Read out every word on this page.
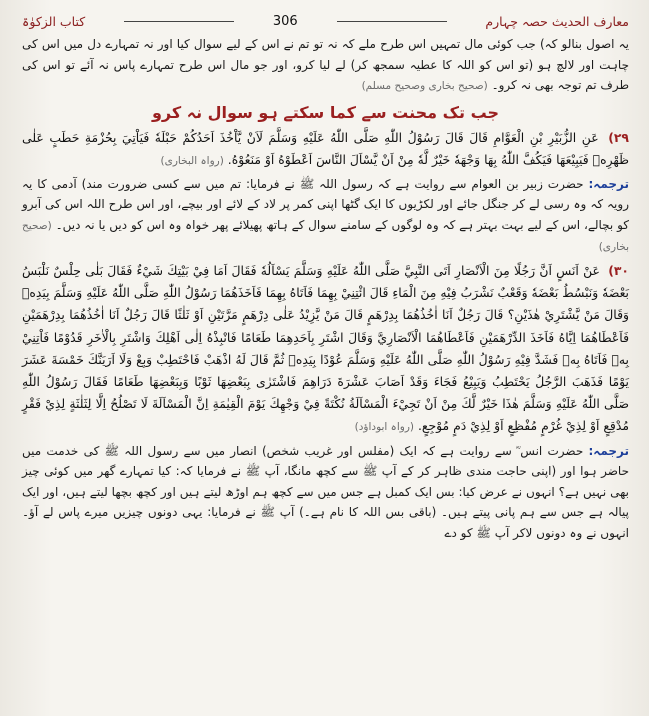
معارف الحدیث حصہ چہارم
306
کتاب الزکوٰۃ

یہ اصول بنالو کہ) جب کوئی مال تمہیں اس طرح ملے کہ نہ تو تم نے اس کے لیے سوال کیا اور نہ تمہارے دل میں اس کی چاہت اور لالچ ہو (تو اس کو اللہ کا عطیہ سمجھ کر) لے لیا کرو، اور جو مال اس طرح تمہارے پاس نہ آئے تو اس کی طرف تم توجہ بھی نہ کرو۔ (صحیح بخاری وصحیح مسلم)

جب تک محنت سے کما سکتے ہو سوال نہ کرو

۲۹) عَنِ الزُّبَيْرِ بْنِ الْعَوَّامِ قَالَ قَالَ رَسُوْلُ اللّٰهِ صَلَّى اللّٰهُ عَلَيْهِ وَسَلَّمَ لَاَنْ يَّاْخُذَ اَحَدُكُمْ حَبْلَهٗ فَيَاْتِيَ بِحُزْمَةِ حَطَبٍ عَلٰى ظَهْرِهٖ فَيَبِيْعَهَا فَيَكُفَّ اللّٰهُ بِهَا وَجْهَهٗ خَيْرٌ لَّهٗ مِنْ اَنْ يَّسْاَلَ النَّاسَ اَعْطَوْهُ اَوْ مَنَعُوْهُ. (رواہ البخاری)

ترجمہ: حضرت زبیر بن العوام سے روایت ہے کہ رسول اللہ ﷺ نے فرمایا: تم میں سے کسی ضرورت مند) آدمی کا یہ رویہ کہ وہ رسی لے کر جنگل جائے اور لکڑیوں کا ایک گٹھا اپنی کمر پر لاد کے لائے اور بیچے، اور اس طرح اللہ اس کی آبرو کو بچالے، اس کے لیے بہت بہتر ہے کہ وہ لوگوں کے سامنے سوال کے ہاتھ پھیلائے پھر خواہ وہ اس کو دیں یا نہ دیں۔ (صحیح بخاری)

۳۰) عَنْ اَنَسٍ اَنَّ رَجُلًا مِنَ الْاَنْصَارِ اَتَى النَّبِيَّ صَلَّى اللّٰهُ عَلَيْهِ وَسَلَّمَ يَسْاَلُهٗ فَقَالَ اَمَا فِيْ بَيْتِكَ شَيْءٌ فَقَالَ بَلٰى حِلْسٌ نَلْبَسُ بَعْضَهٗ وَنَبْسُطُ بَعْضَهٗ وَقَعْبٌ نَشْرَبُ فِيْهِ مِنَ الْمَاءِ قَالَ ائْتِنِيْ بِهِمَا فَاَتَاهُ بِهِمَا فَاَخَذَهُمَا رَسُوْلُ اللّٰهِ صَلَّى اللّٰهُ عَلَيْهِ وَسَلَّمَ بِيَدِهٖ وَقَالَ مَنْ يَّشْتَرِيْ هٰذَيْنِ؟ قَالَ رَجُلٌ اَنَا اٰخُذُهُمَا بِدِرْهَمٍ قَالَ مَنْ يَّزِيْدُ عَلٰى دِرْهَمٍ مَرَّتَيْنِ اَوْ ثَلٰثًا قَالَ رَجُلٌ اَنَا اٰخُذُهُمَا بِدِرْهَمَيْنِ فَاَعْطَاهُمَا اِيَّاهُ فَاَخَذَ الدِّرْهَمَيْنِ فَاَعْطَاهُمَا الْاَنْصَارِيَّ وَقَالَ اشْتَرِ بِاَحَدِهِمَا طَعَامًا فَانْبِذْهُ اِلٰى اَهْلِكَ وَاشْتَرِ بِالْاٰخَرِ قَدُوْمًا فَاْتِنِيْ بِهٖ فَاَتَاهُ بِهٖ فَشَدَّ فِيْهِ رَسُوْلُ اللّٰهِ صَلَّى اللّٰهُ عَلَيْهِ وَسَلَّمَ عُوْدًا بِيَدِهٖ ثُمَّ قَالَ لَهُ اذْهَبْ فَاحْتَطِبْ وَبِعْ وَلَا اَرَيَنَّكَ خَمْسَةَ عَشَرَ يَوْمًا فَذَهَبَ الرَّجُلُ يَحْتَطِبُ وَيَبِيْعُ فَجَاءَ وَقَدْ اَصَابَ عَشْرَةَ دَرَاهِمَ فَاشْتَرٰى بِبَعْضِهَا ثَوْبًا وَبِبَعْضِهَا طَعَامًا فَقَالَ رَسُوْلُ اللّٰهِ صَلَّى اللّٰهُ عَلَيْهِ وَسَلَّمَ هٰذَا خَيْرٌ لَّكَ مِنْ اَنْ تَجِيْءَ الْمَسْاَلَةُ نُكْتَةً فِيْ وَجْهِكَ يَوْمَ الْقِيٰمَةِ اِنَّ الْمَسْاَلَةَ لَا تَصْلُحُ اِلَّا لِثَلٰثَةٍ لِذِيْ فَقْرٍ مُدْقِعٍ اَوْ لِذِيْ غُرْمٍ مُفْظِعٍ اَوْ لِذِيْ دَمٍ مُوْجِعٍ. (رواہ ابوداؤد)

ترجمہ: حضرت انس ؓ سے روایت ہے کہ ایک (مفلس اور غریب شخص) انصار میں سے رسول اللہ ﷺ کی خدمت میں حاضر ہوا اور (اپنی حاجت مندی ظاہر کر کے آپ ﷺ سے کچھ مانگا، آپ ﷺ نے فرمایا کہ: کیا تمہارے گھر میں کوئی چیز بھی نہیں ہے؟ انہوں نے عرض کیا: بس ایک کمبل ہے جس میں سے کچھ ہم اوڑھ لیتے ہیں اور کچھ بچھا لیتے ہیں، اور ایک پیالہ ہے جس سے ہم پانی پیتے ہیں۔ (باقی بس اللہ کا نام ہے۔) آپ ﷺ نے فرمایا: یہی دونوں چیزیں میرے پاس لے آؤ۔ انہوں نے وہ دونوں لاکر آپ ﷺ کو دے
